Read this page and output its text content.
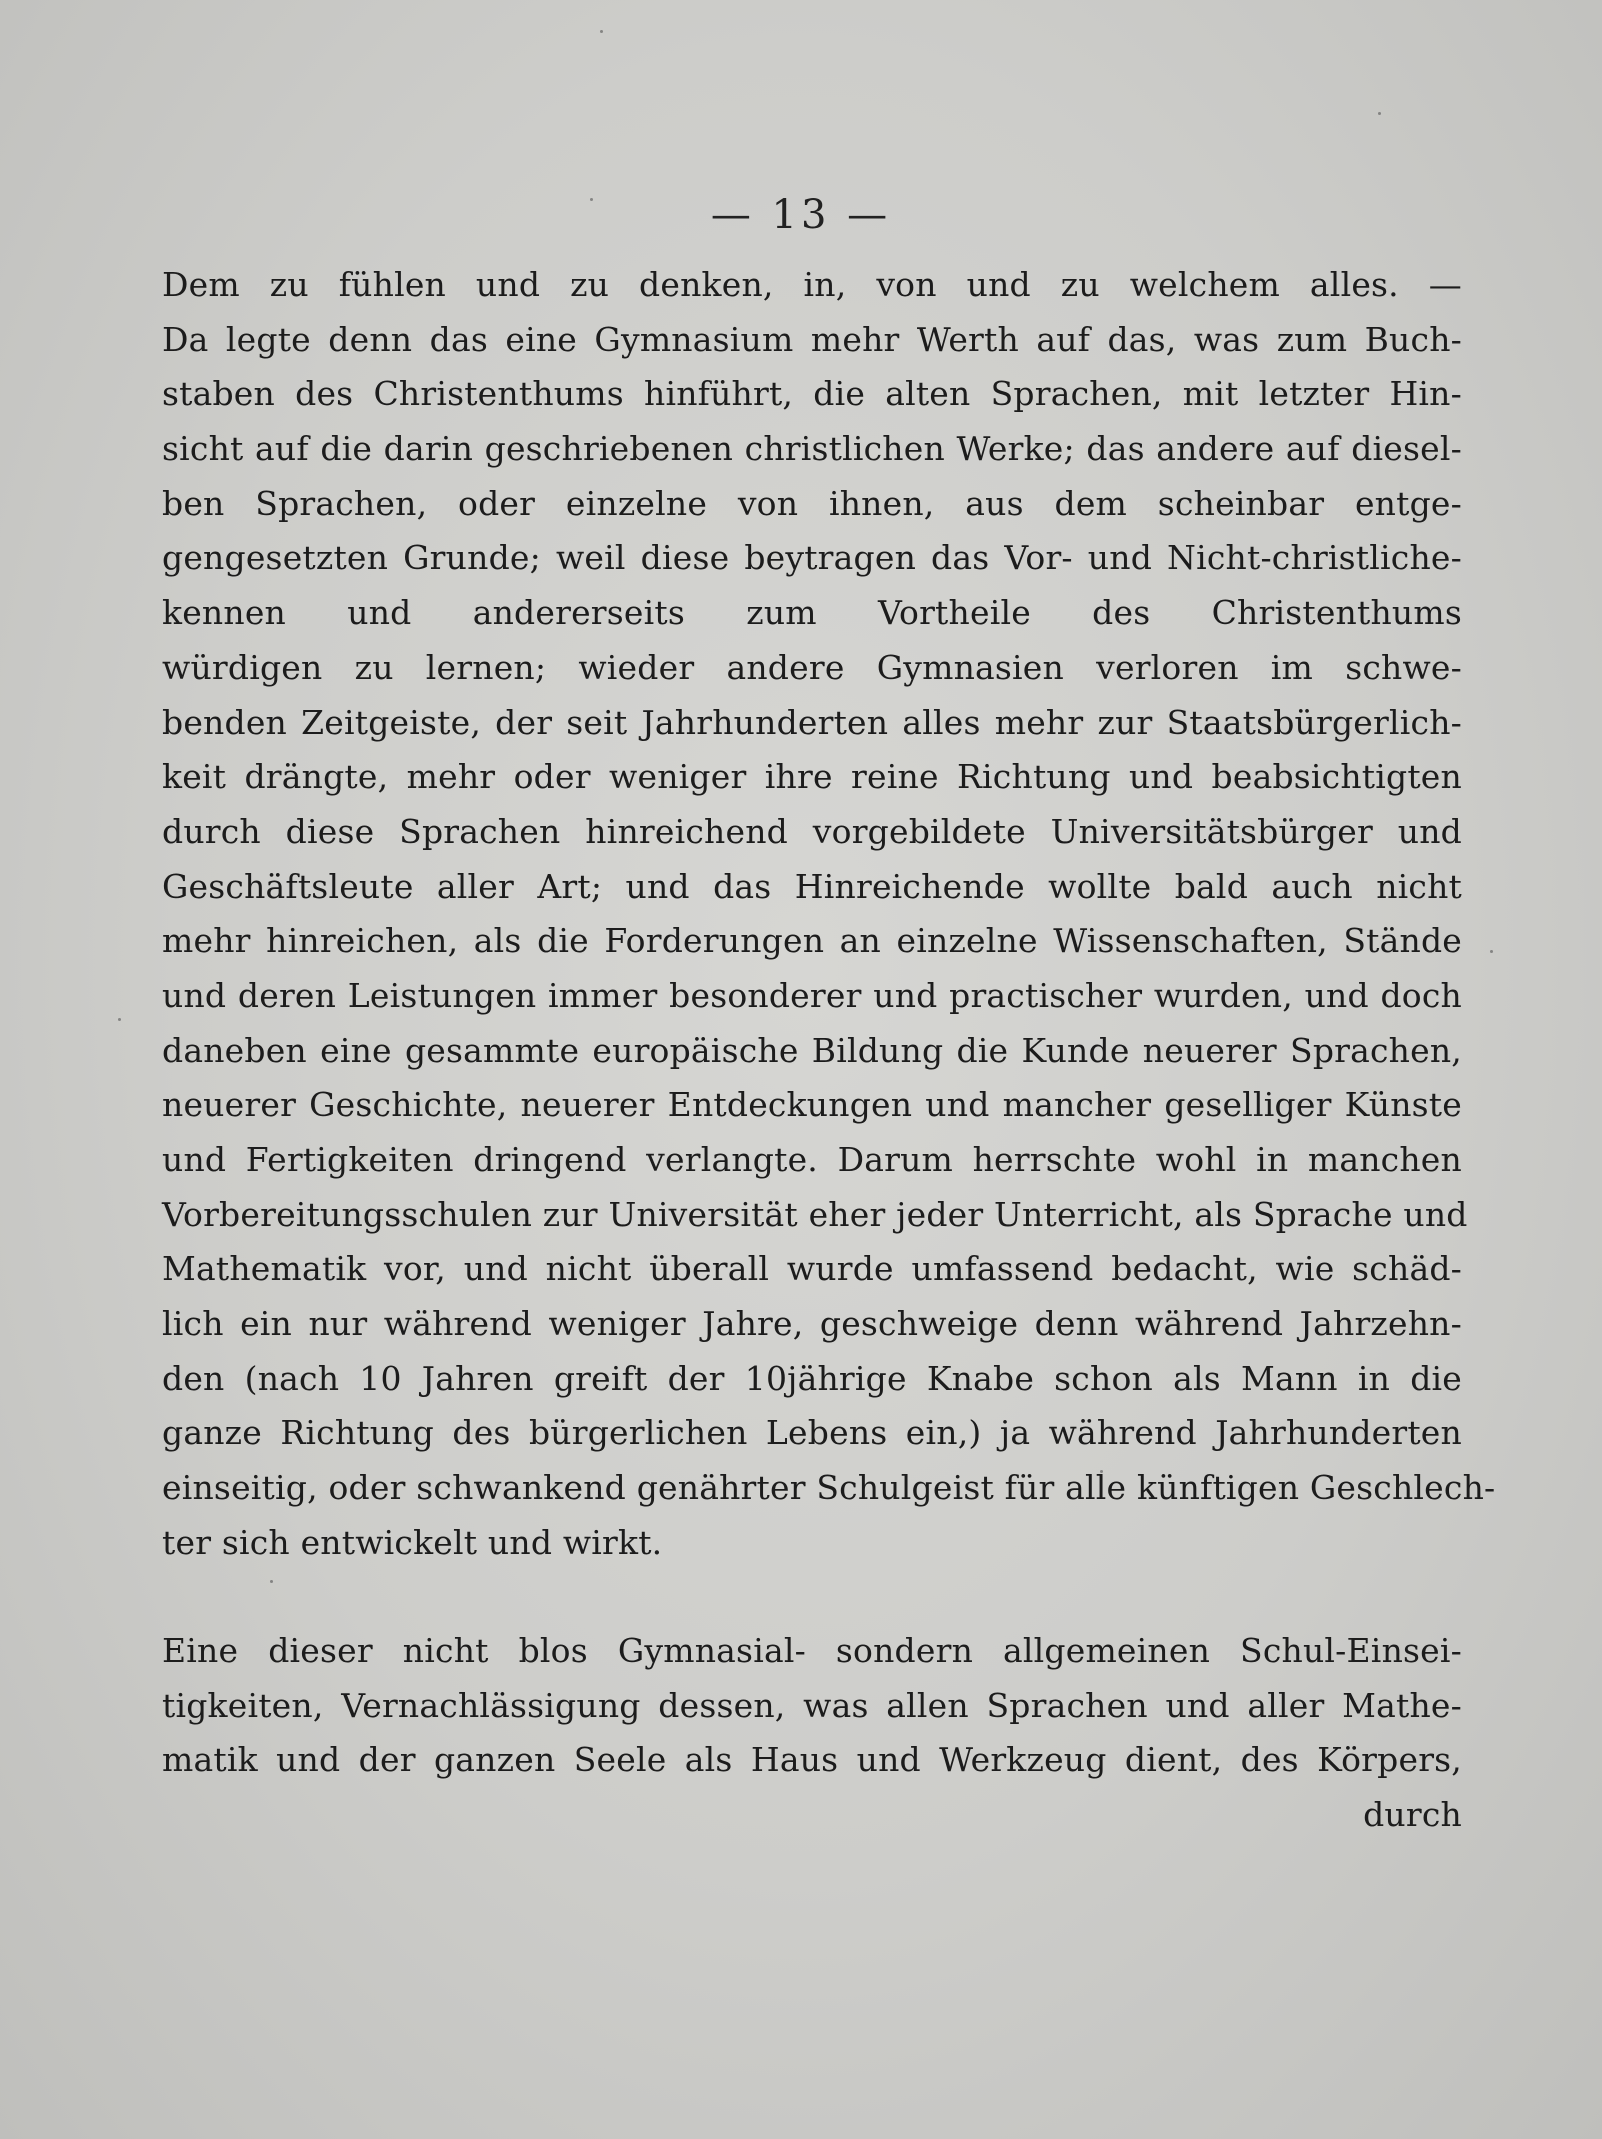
— 13 —
Dem zu fühlen und zu denken, in, von und zu welchem alles. —
Da legte denn das eine Gymnasium mehr Werth auf das, was zum Buch-
staben des Christenthums hinführt, die alten Sprachen, mit letzter Hin-
sicht auf die darin geschriebenen christlichen Werke; das andere auf diesel-
ben Sprachen, oder einzelne von ihnen, aus dem scheinbar entge-
gengesetzten Grunde; weil diese beytragen das Vor- und Nicht-christliche-
kennen und andererseits zum Vortheile des Christenthums
würdigen zu lernen; wieder andere Gymnasien verloren im schwe-
benden Zeitgeiste, der seit Jahrhunderten alles mehr zur Staatsbürgerlich-
keit drängte, mehr oder weniger ihre reine Richtung und beabsichtigten
durch diese Sprachen hinreichend vorgebildete Universitätsbürger und
Geschäftsleute aller Art; und das Hinreichende wollte bald auch nicht
mehr hinreichen, als die Forderungen an einzelne Wissenschaften, Stände
und deren Leistungen immer besonderer und practischer wurden, und doch
daneben eine gesammte europäische Bildung die Kunde neuerer Sprachen,
neuerer Geschichte, neuerer Entdeckungen und mancher geselliger Künste
und Fertigkeiten dringend verlangte. Darum herrschte wohl in manchen
Vorbereitungsschulen zur Universität eher jeder Unterricht, als Sprache und
Mathematik vor, und nicht überall wurde umfassend bedacht, wie schäd-
lich ein nur während weniger Jahre, geschweige denn während Jahrzehn-
den (nach 10 Jahren greift der 10jährige Knabe schon als Mann in die
ganze Richtung des bürgerlichen Lebens ein,) ja während Jahrhunderten
einseitig, oder schwankend genährter Schulgeist für alle künftigen Geschlech-
ter sich entwickelt und wirkt.
Eine dieser nicht blos Gymnasial- sondern allgemeinen Schul-Einsei-
tigkeiten, Vernachlässigung dessen, was allen Sprachen und aller Mathe-
matik und der ganzen Seele als Haus und Werkzeug dient, des Körpers,
durch
